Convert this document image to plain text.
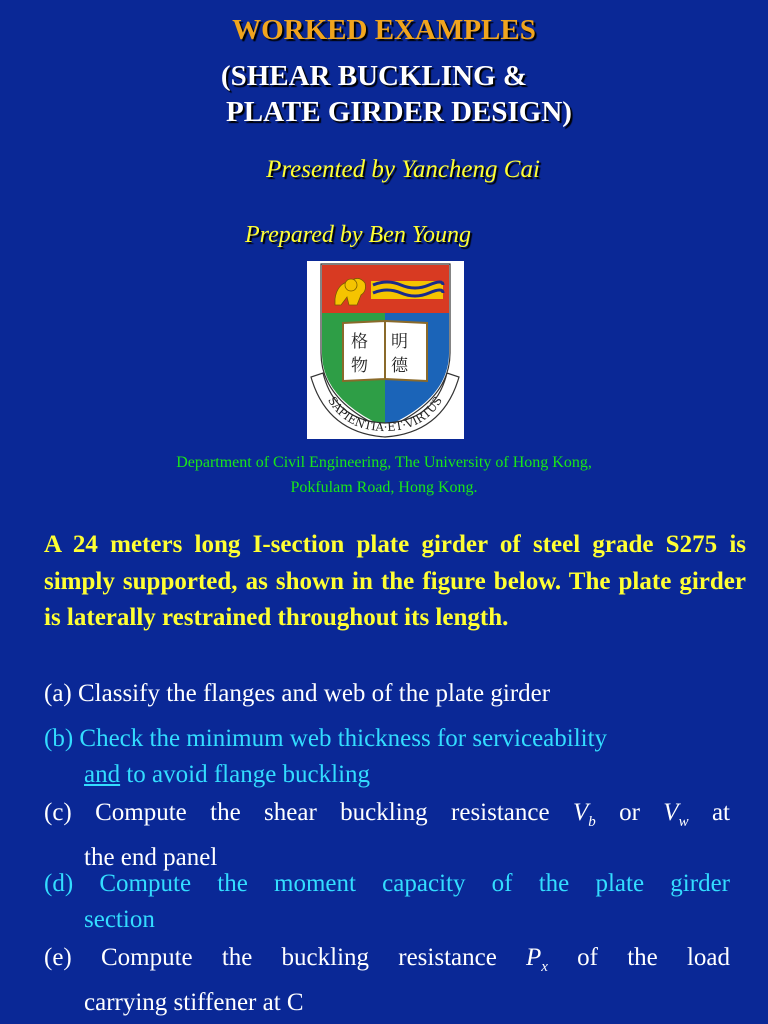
WORKED EXAMPLES
(SHEAR BUCKLING &
PLATE GIRDER DESIGN)
Presented by Yancheng Cai
Prepared by Ben Young
格 明
物 德
SAPIENTIA·ET·VIRTUS
Department of Civil Engineering, The University of Hong Kong,
Pokfulam Road, Hong Kong.
A 24 meters long I-section plate girder of steel grade S275 is simply supported, as shown in the figure below. The plate girder is laterally restrained throughout its length.
(a) Classify the flanges and web of the plate girder
(b) Check the minimum web thickness for serviceability
and to avoid flange buckling
(c) Compute the shear buckling resistance $V_b$ or $V_w$ at
the end panel
(d) Compute the moment capacity of the plate girder
section
(e) Compute the buckling resistance $P_x$ of the load
carrying stiffener at C
